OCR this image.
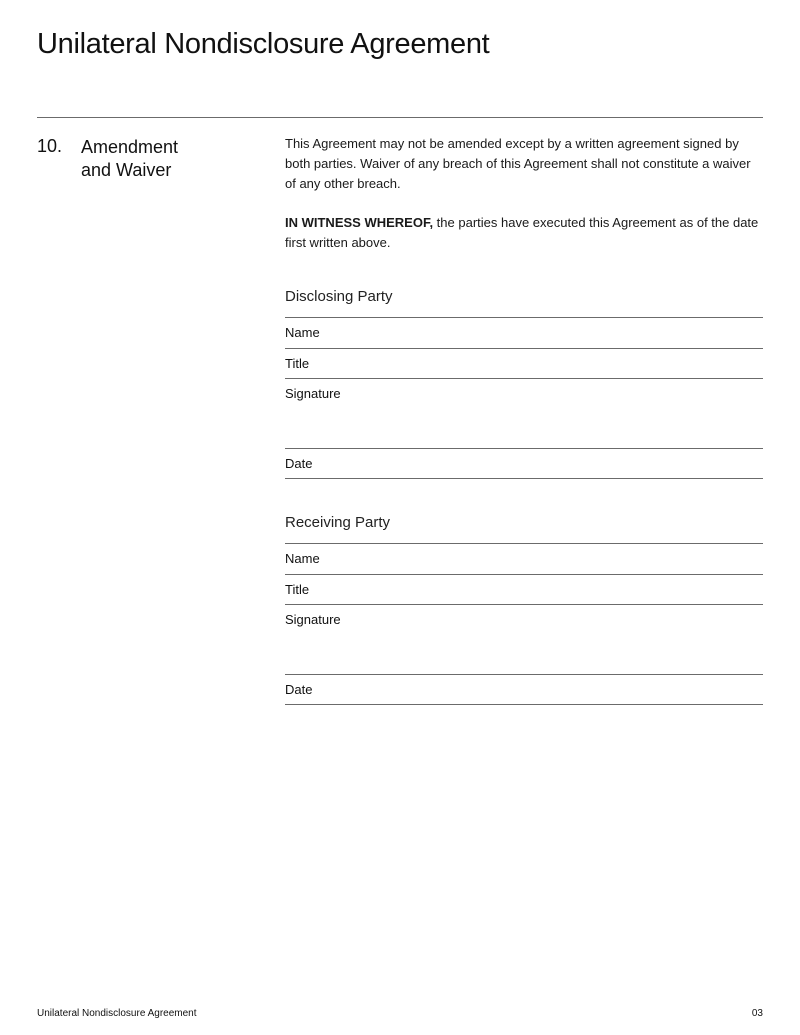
Unilateral Nondisclosure Agreement
10. Amendment
and Waiver

This Agreement may not be amended except by a written agreement signed by both parties. Waiver of any breach of this Agreement shall not constitute a waiver of any other breach.

IN WITNESS WHEREOF, the parties have executed this Agreement as of the date first written above.

Disclosing Party
Name
Title
Signature
Date
Receiving Party
Name
Title
Signature
Date
Unilateral Nondisclosure Agreement	03
